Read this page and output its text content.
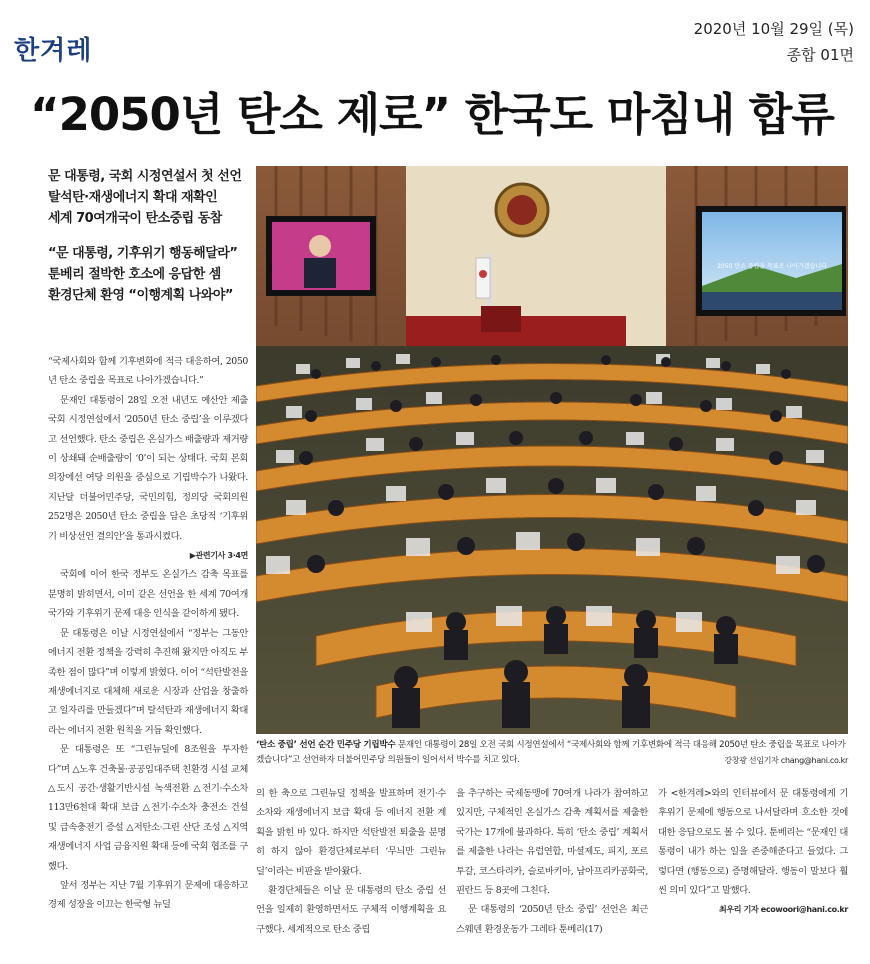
한겨레
2020년 10월 29일 (목)
종합 01면
“2050년 탄소 제로” 한국도 마침내 합류
문 대통령, 국회 시정연설서 첫 선언
탈석탄·재생에너지 확대 재확인
세계 70여개국이 탄소중립 동참
“문 대통령, 기후위기 행동해달라”
툰베리 절박한 호소에 응답한 셈
환경단체 환영 “이행계획 나와야”
2050 탄소 중립을 목표로 나아가겠습니다
‘탄소 중립’ 선언 순간 민주당 기립박수 문재인 대통령이 28일 오전 국회 시정연설에서 “국제사회와 함께 기후변화에 적극 대응해 2050년 탄소 중립을 목표로 나아가겠습니다”고 선언하자 더불어민주당 의원들이 일어서서 박수를 치고 있다.	강창광 선임기자 chang@hani.co.kr

“국제사회와 함께 기후변화에 적극 대응하여, 2050년 탄소 중립을 목표로 나아가겠습니다.”

문재인 대통령이 28일 오전 내년도 예산안 제출 국회 시정연설에서 ‘2050년 탄소 중립’을 이루겠다고 선언했다. 탄소 중립은 온실가스 배출량과 제거량이 상쇄돼 순배출량이 ‘0’이 되는 상태다. 국회 본회의장에선 여당 의원을 중심으로 기립박수가 나왔다. 지난달 더불어민주당, 국민의힘, 정의당 국회의원 252명은 2050년 탄소 중립을 담은 초당적 ‘기후위기 비상선언 결의안’을 통과시켰다.

▶관련기사 3·4면

국회에 이어 한국 정부도 온실가스 감축 목표를 분명히 밝히면서, 이미 같은 선언을 한 세계 70여개 국가와 기후위기 문제 대응 인식을 같이하게 됐다.

문 대통령은 이날 시정연설에서 “정부는 그동안 에너지 전환 정책을 강력히 추진해 왔지만 아직도 부족한 점이 많다”며 이렇게 밝혔다. 이어 “석탄발전을 재생에너지로 대체해 새로운 시장과 산업을 창출하고 일자리를 만들겠다”며 탈석탄과 재생에너지 확대라는 에너지 전환 원칙을 거듭 확인했다.

문 대통령은 또 “그린뉴딜에 8조원을 투자한다”며 △노후 건축물·공공임대주택 친환경 시설 교체 △도시 공간·생활기반시설 녹색전환 △전기·수소차 113만6천대 확대 보급 △전기·수소차 충전소 건설 및 급속충전기 증설 △저탄소·그린 산단 조성 △지역 재생에너지 사업 금융지원 확대 등에 국회 협조를 구했다.

앞서 정부는 지난 7월 기후위기 문제에 대응하고 경제 성장을 이끄는 한국형 뉴딜

의 한 축으로 그린뉴딜 정책을 발표하며 전기·수소차와 재생에너지 보급 확대 등 에너지 전환 계획을 밝힌 바 있다. 하지만 석탄발전 퇴출을 분명히 하지 않아 환경단체로부터 ‘무늬만 그린뉴딜’이라는 비판을 받아왔다.

환경단체들은 이날 문 대통령의 탄소 중립 선언을 일제히 환영하면서도 구체적 이행계획을 요구했다. 세계적으로 탄소 중립

을 추구하는 국제동맹에 70여개 나라가 참여하고 있지만, 구체적인 온실가스 감축 계획서를 제출한 국가는 17개에 불과하다. 특히 ‘탄소 중립’ 계획서를 제출한 나라는 유럽연합, 마셜제도, 피지, 포르투갈, 코스타리카, 슬로바키아, 남아프리카공화국, 핀란드 등 8곳에 그친다.

문 대통령의 ‘2050년 탄소 중립’ 선언은 최근 스웨덴 환경운동가 그레타 툰베리(17)

가 <한겨레>와의 인터뷰에서 문 대통령에게 기후위기 문제에 행동으로 나서달라며 호소한 것에 대한 응답으로도 볼 수 있다. 툰베리는 “문재인 대통령이 내가 하는 일을 존중해준다고 들었다. 그렇다면 (행동으로) 증명해달라. 행동이 말보다 훨씬 의미 있다”고 말했다.

최우리 기자 ecowoori@hani.co.kr
